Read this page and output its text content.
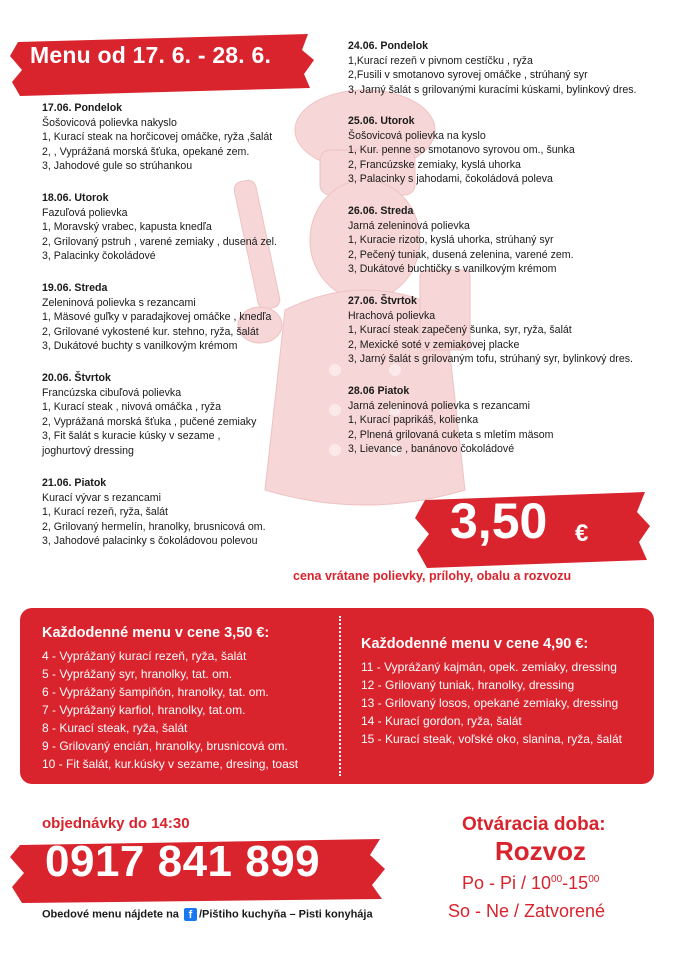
Menu od 17. 6. - 28. 6.
17.06. Pondelok
Šošovicová polievka nakyslo
1, Kurací steak na horčicovej omáčke, ryža ,šalát
2, , Vyprážaná morská šťuka, opekané zem.
3, Jahodové gule so strúhankou
18.06. Utorok
Fazuľová polievka
1, Moravský vrabec, kapusta knedľa
2, Grilovaný pstruh , varené zemiaky , dusená zel.
3, Palacinky čokoládové
19.06. Streda
Zeleninová polievka s rezancami
1, Mäsové guľky v paradajkovej omáčke , knedľa
2, Grilované vykostené kur. stehno, ryža, šalát
3, Dukátové buchty s vanilkovým krémom
20.06. Štvrtok
Francúzska cibuľová polievka
1, Kurací steak , nivová omáčka , ryža
2, Vyprážaná morská šťuka , pučené zemiaky
3, Fit šalát s kuracie kúsky v sezame ,
joghurtový dressing
21.06. Piatok
Kurací vývar s rezancami
1, Kurací rezeň, ryža, šalát
2, Grilovaný hermelín, hranolky, brusnicová om.
3, Jahodové palacinky s čokoládovou polevou
24.06. Pondelok
1,Kurací rezeň v pivnom cestíčku , ryža
2,Fusili v smotanovo syrovej omáčke , strúhaný syr
3, Jarný šalát s grilovanými kuracími kúskami, bylinkový dres.
25.06. Utorok
Šošovicová polievka na kyslo
1, Kur. penne so smotanovo syrovou om., šunka
2, Francúzske zemiaky, kyslá uhorka
3, Palacinky s jahodami, čokoládová poleva
26.06. Streda
Jarná zeleninová polievka
1, Kuracie rizoto, kyslá uhorka, strúhaný syr
2, Pečený tuniak, dusená zelenina, varené zem.
3, Dukátové buchtičky s vanilkovým krémom
27.06. Štvrtok
Hrachová polievka
1, Kurací steak zapečený šunka, syr, ryža, šalát
2, Mexické soté v zemiakovej placke
3, Jarný šalát s grilovaným tofu, strúhaný syr, bylinkový dres.
28.06 Piatok
Jarná zeleninová polievka s rezancami
1, Kurací paprikáš, kolienka
2, Plnená grilovaná cuketa s mletím mäsom
3, Lievance , banánovo čokoládové
3,50 €
cena vrátane polievky, prílohy, obalu a rozvozu
Každodenné menu v cene 3,50 €:
4 - Vyprážaný kurací rezeň, ryža, šalát
5 - Vyprážaný syr, hranolky, tat. om.
6 - Vyprážaný šampiňón, hranolky, tat. om.
7 - Vyprážaný karfiol, hranolky, tat.om.
8 - Kurací steak, ryža, šalát
9 - Grilovaný encián, hranolky, brusnicová om.
10 - Fit šalát, kur.kúsky v sezame, dresing, toast
Každodenné menu v cene 4,90 €:
11 - Vyprážaný kajmán, opek. zemiaky, dressing
12 - Grilovaný tuniak, hranolky, dressing
13 - Grilovaný losos, opekané zemiaky, dressing
14 - Kurací gordon, ryža, šalát
15 - Kurací steak, voľské oko, slanina, ryža, šalát
objednávky do 14:30
0917 841 899
Obedové menu nájdete na f /Pištiho kuchyňa – Pisti konyhája
Otváracia doba:
Rozvoz
Po - Pi / $10^{00}-15^{00}$
So - Ne / Zatvorené
